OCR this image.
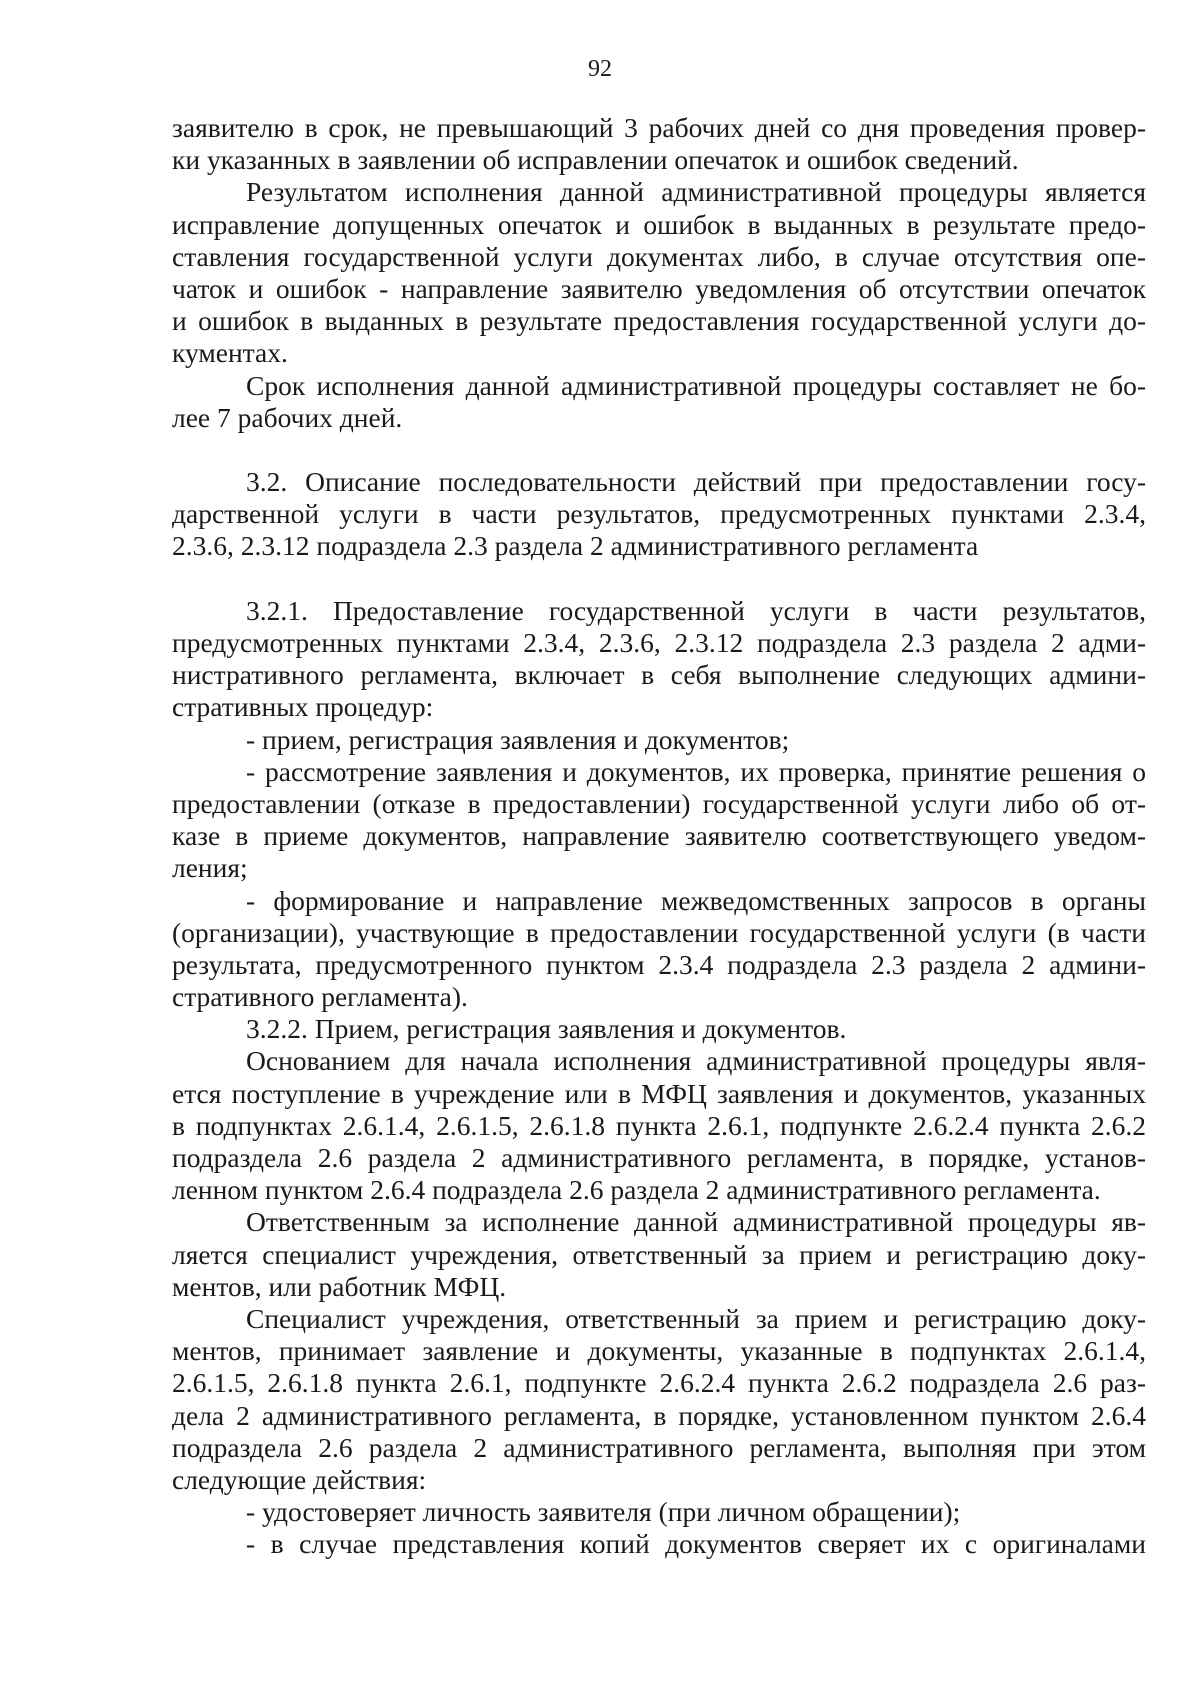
92
заявителю в срок, не превышающий 3 рабочих дней со дня проведения провер-
ки указанных в заявлении об исправлении опечаток и ошибок сведений.
Результатом исполнения данной административной процедуры является
исправление допущенных опечаток и ошибок в выданных в результате предо-
ставления государственной услуги документах либо, в случае отсутствия опе-
чаток и ошибок - направление заявителю уведомления об отсутствии опечаток
и ошибок в выданных в результате предоставления государственной услуги до-
кументах.
Срок исполнения данной административной процедуры составляет не бо-
лее 7 рабочих дней.
3.2. Описание последовательности действий при предоставлении госу-
дарственной услуги в части результатов, предусмотренных пунктами 2.3.4,
2.3.6, 2.3.12 подраздела 2.3 раздела 2 административного регламента
3.2.1. Предоставление государственной услуги в части результатов,
предусмотренных пунктами 2.3.4, 2.3.6, 2.3.12 подраздела 2.3 раздела 2 адми-
нистративного регламента, включает в себя выполнение следующих админи-
стративных процедур:
- прием, регистрация заявления и документов;
- рассмотрение заявления и документов, их проверка, принятие решения о
предоставлении (отказе в предоставлении) государственной услуги либо об от-
казе в приеме документов, направление заявителю соответствующего уведом-
ления;
- формирование и направление межведомственных запросов в органы
(организации), участвующие в предоставлении государственной услуги (в части
результата, предусмотренного пунктом 2.3.4 подраздела 2.3 раздела 2 админи-
стративного регламента).
3.2.2. Прием, регистрация заявления и документов.
Основанием для начала исполнения административной процедуры явля-
ется поступление в учреждение или в МФЦ заявления и документов, указанных
в подпунктах 2.6.1.4, 2.6.1.5, 2.6.1.8 пункта 2.6.1, подпункте 2.6.2.4 пункта 2.6.2
подраздела 2.6 раздела 2 административного регламента, в порядке, установ-
ленном пунктом 2.6.4 подраздела 2.6 раздела 2 административного регламента.
Ответственным за исполнение данной административной процедуры яв-
ляется специалист учреждения, ответственный за прием и регистрацию доку-
ментов, или работник МФЦ.
Специалист учреждения, ответственный за прием и регистрацию доку-
ментов, принимает заявление и документы, указанные в подпунктах 2.6.1.4,
2.6.1.5, 2.6.1.8 пункта 2.6.1, подпункте 2.6.2.4 пункта 2.6.2 подраздела 2.6 раз-
дела 2 административного регламента, в порядке, установленном пунктом 2.6.4
подраздела 2.6 раздела 2 административного регламента, выполняя при этом
следующие действия:
- удостоверяет личность заявителя (при личном обращении);
- в случае представления копий документов сверяет их с оригиналами
